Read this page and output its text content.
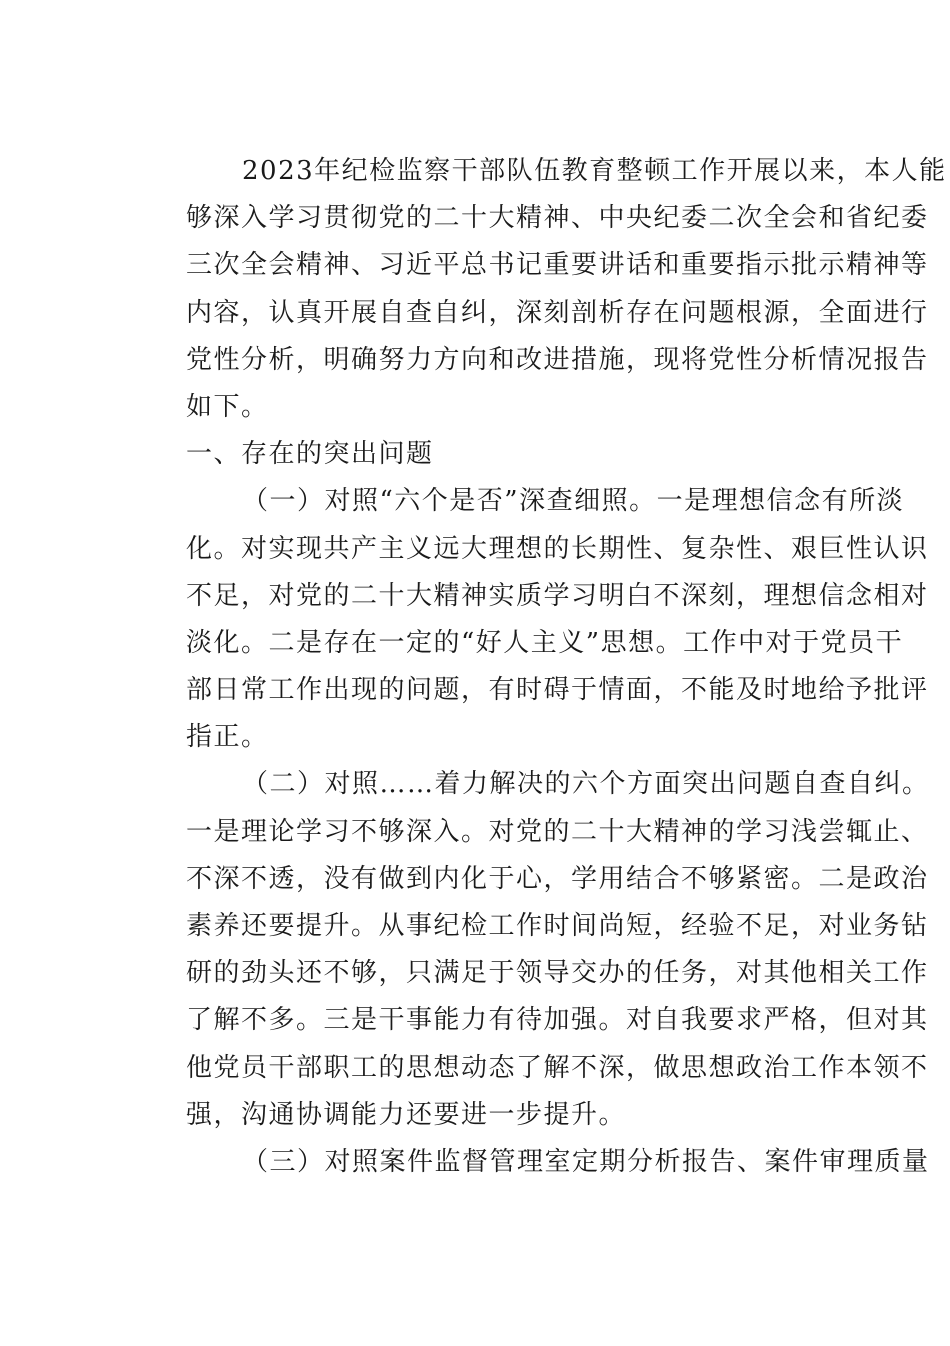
2023年纪检监察干部队伍教育整顿工作开展以来，本人能
够深入学习贯彻党的二十大精神、中央纪委二次全会和省纪委
三次全会精神、习近平总书记重要讲话和重要指示批示精神等
内容，认真开展自查自纠，深刻剖析存在问题根源，全面进行
党性分析，明确努力方向和改进措施，现将党性分析情况报告
如下。
一、存在的突出问题
（一）对照“六个是否”深查细照。一是理想信念有所淡
化。对实现共产主义远大理想的长期性、复杂性、艰巨性认识
不足，对党的二十大精神实质学习明白不深刻，理想信念相对
淡化。二是存在一定的“好人主义”思想。工作中对于党员干
部日常工作出现的问题，有时碍于情面，不能及时地给予批评
指正。
（二）对照……着力解决的六个方面突出问题自查自纠。
一是理论学习不够深入。对党的二十大精神的学习浅尝辄止、
不深不透，没有做到内化于心，学用结合不够紧密。二是政治
素养还要提升。从事纪检工作时间尚短，经验不足，对业务钻
研的劲头还不够，只满足于领导交办的任务，对其他相关工作
了解不多。三是干事能力有待加强。对自我要求严格，但对其
他党员干部职工的思想动态了解不深，做思想政治工作本领不
强，沟通协调能力还要进一步提升。
（三）对照案件监督管理室定期分析报告、案件审理质量
